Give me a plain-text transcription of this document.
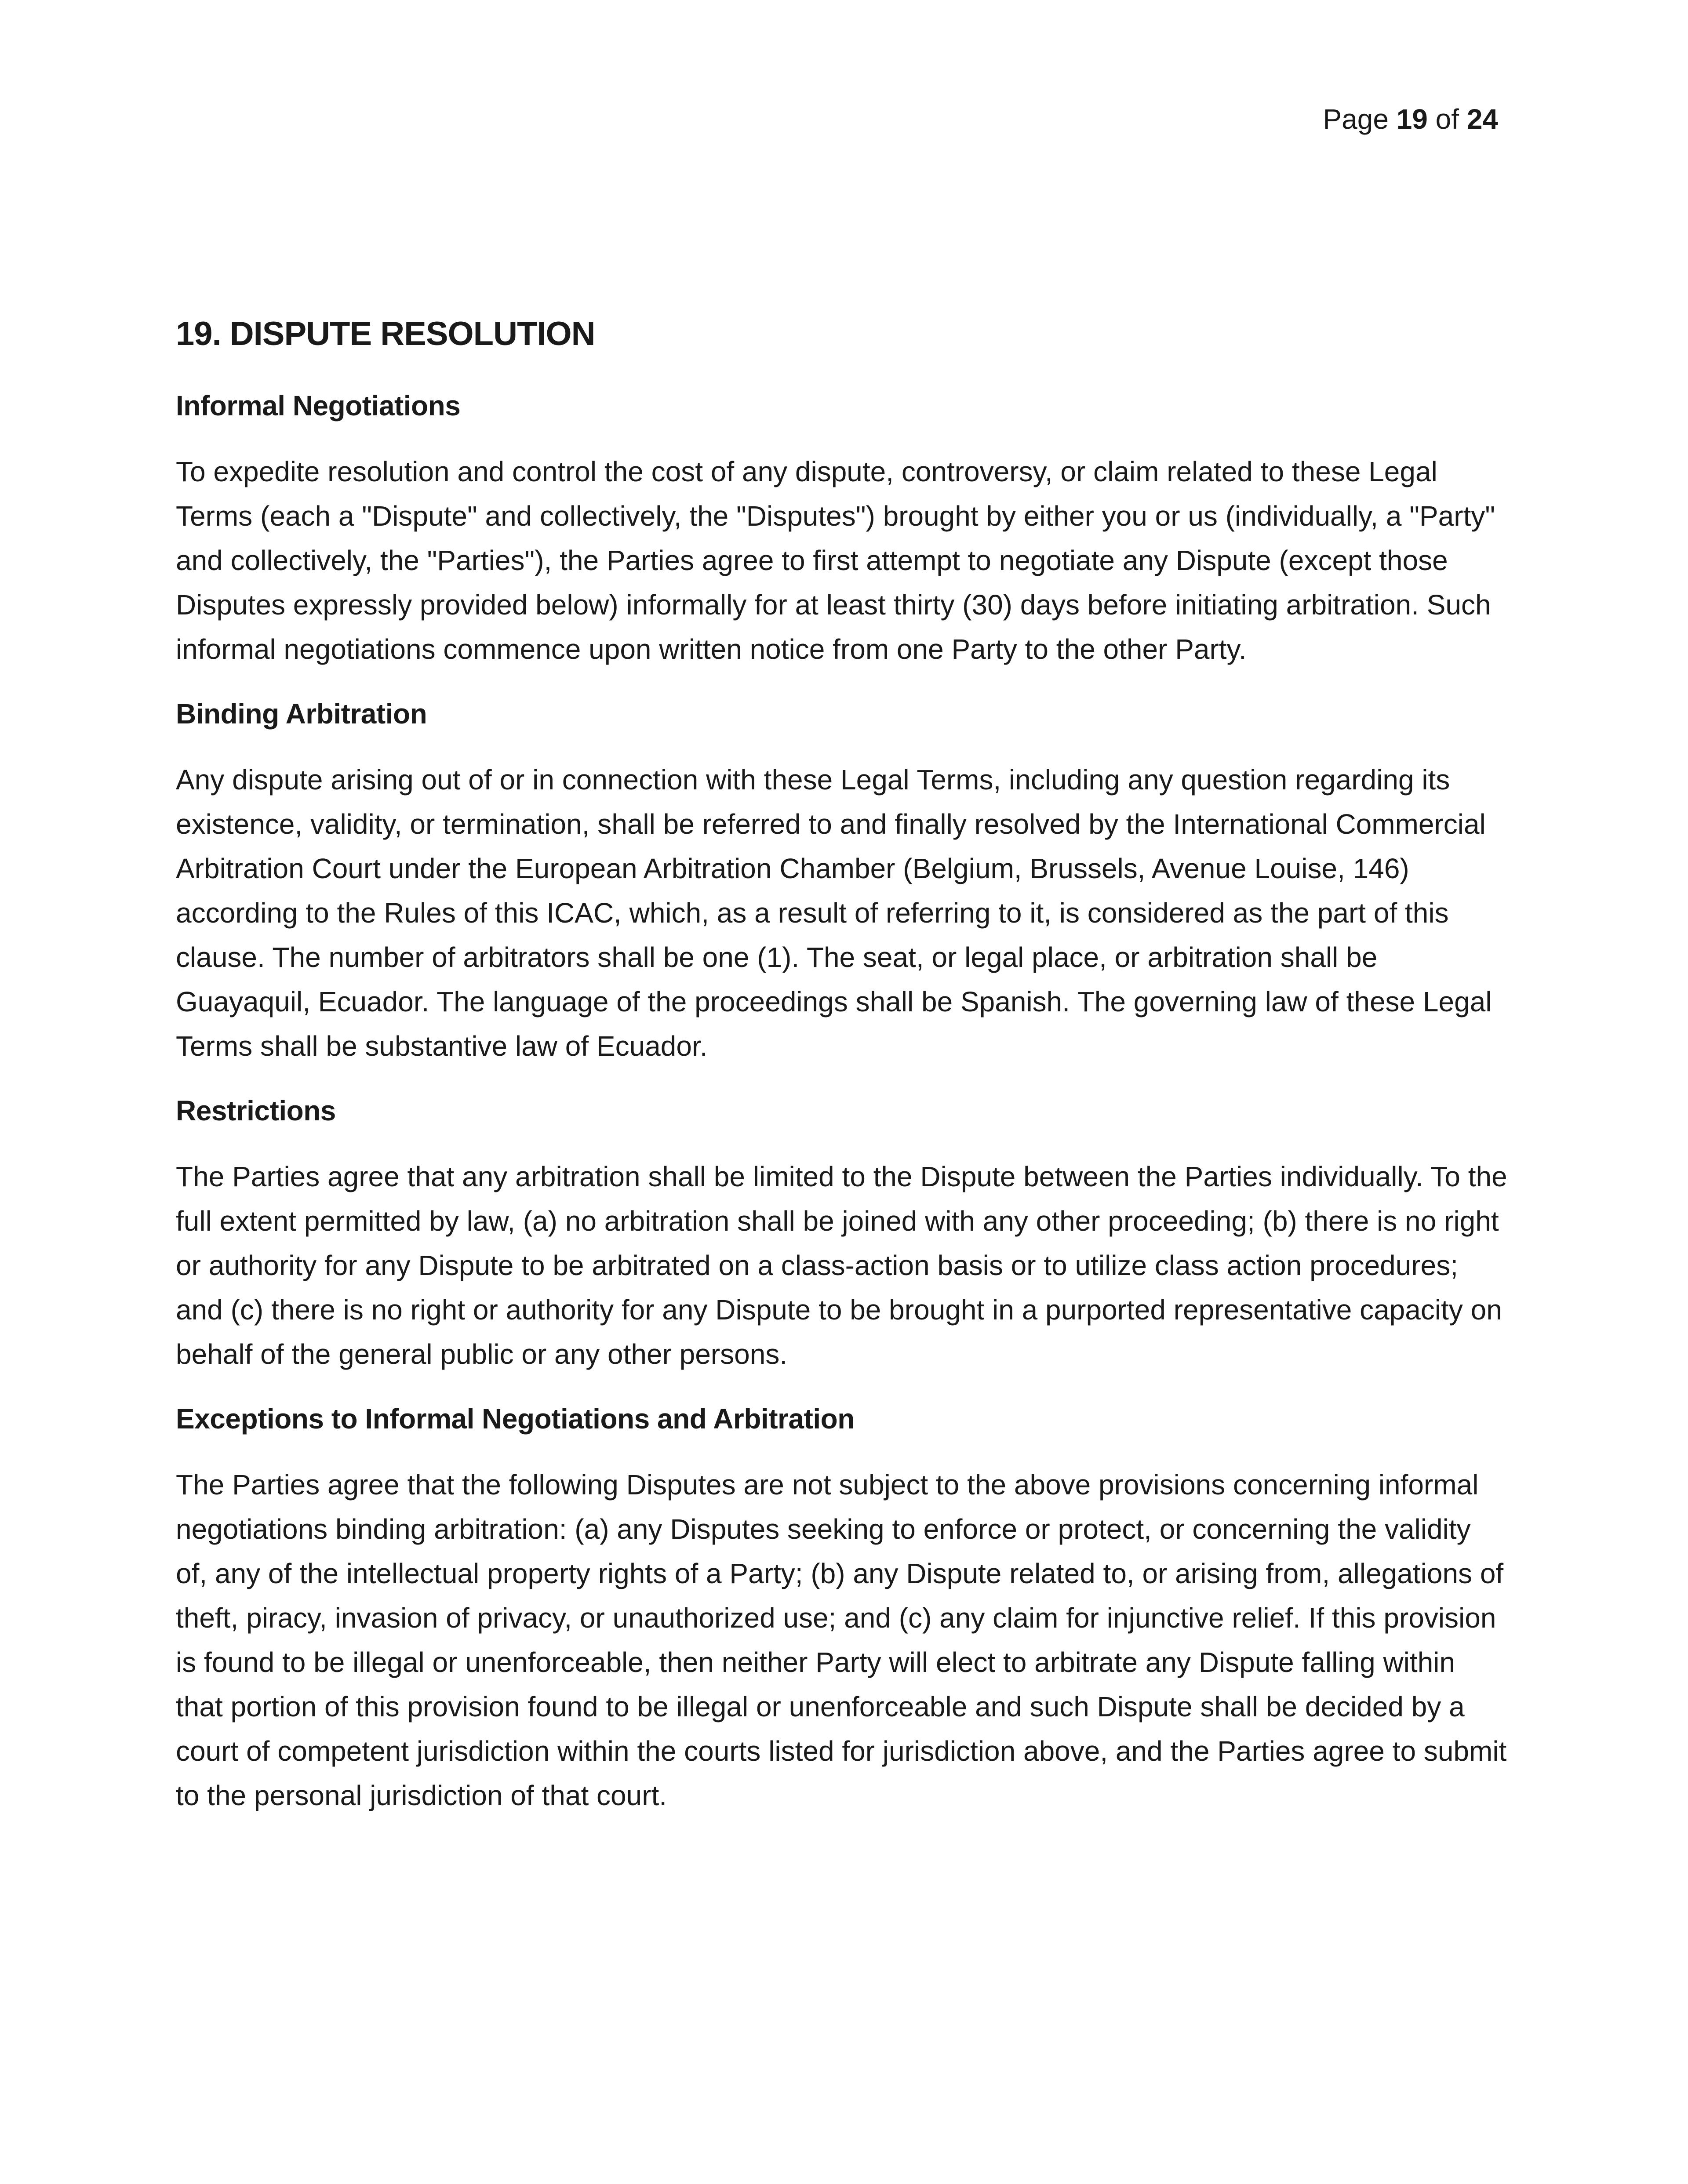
Page 19 of 24
19. DISPUTE RESOLUTION
Informal Negotiations

To expedite resolution and control the cost of any dispute, controversy, or claim related to these Legal Terms (each a "Dispute" and collectively, the "Disputes") brought by either you or us (individually, a "Party" and collectively, the "Parties"), the Parties agree to first attempt to negotiate any Dispute (except those Disputes expressly provided below) informally for at least thirty (30) days before initiating arbitration. Such informal negotiations commence upon written notice from one Party to the other Party.

Binding Arbitration

Any dispute arising out of or in connection with these Legal Terms, including any question regarding its existence, validity, or termination, shall be referred to and finally resolved by the International Commercial Arbitration Court under the European Arbitration Chamber (Belgium, Brussels, Avenue Louise, 146) according to the Rules of this ICAC, which, as a result of referring to it, is considered as the part of this clause. The number of arbitrators shall be one (1). The seat, or legal place, or arbitration shall be Guayaquil, Ecuador. The language of the proceedings shall be Spanish. The governing law of these Legal Terms shall be substantive law of Ecuador.

Restrictions

The Parties agree that any arbitration shall be limited to the Dispute between the Parties individually. To the full extent permitted by law, (a) no arbitration shall be joined with any other proceeding; (b) there is no right or authority for any Dispute to be arbitrated on a class-action basis or to utilize class action procedures; and (c) there is no right or authority for any Dispute to be brought in a purported representative capacity on behalf of the general public or any other persons.

Exceptions to Informal Negotiations and Arbitration

The Parties agree that the following Disputes are not subject to the above provisions concerning informal negotiations binding arbitration: (a) any Disputes seeking to enforce or protect, or concerning the validity of, any of the intellectual property rights of a Party; (b) any Dispute related to, or arising from, allegations of theft, piracy, invasion of privacy, or unauthorized use; and (c) any claim for injunctive relief. If this provision is found to be illegal or unenforceable, then neither Party will elect to arbitrate any Dispute falling within that portion of this provision found to be illegal or unenforceable and such Dispute shall be decided by a court of competent jurisdiction within the courts listed for jurisdiction above, and the Parties agree to submit to the personal jurisdiction of that court.
